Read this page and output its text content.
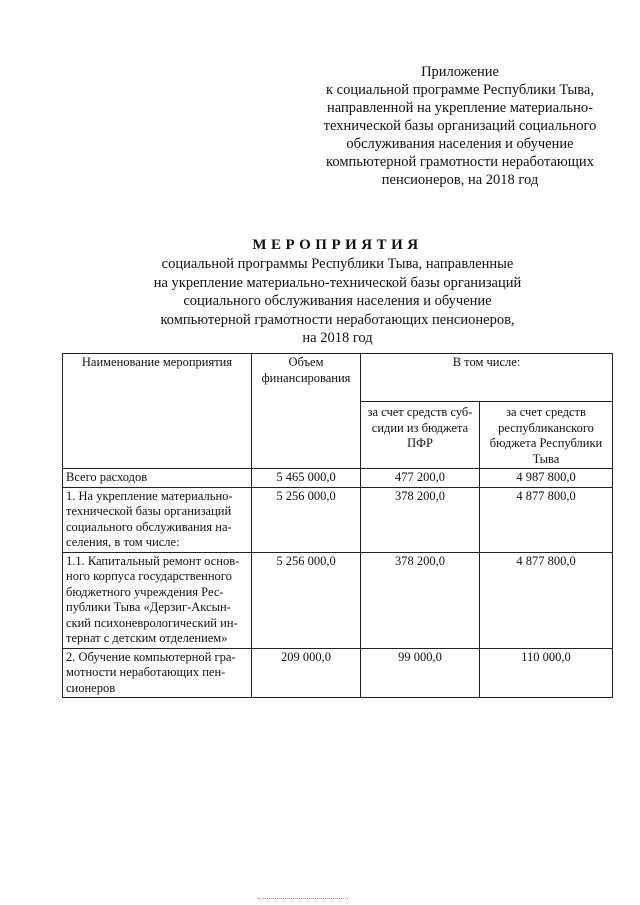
Приложение
к социальной программе Республики Тыва,
направленной на укрепление материально-
технической базы организаций социального
обслуживания населения и обучение
компьютерной грамотности неработающих
пенсионеров, на 2018 год
МЕРОПРИЯТИЯ
социальной программы Республики Тыва, направленные
на укрепление материально-технической базы организаций
социального обслуживания населения и обучение
компьютерной грамотности неработающих пенсионеров,
на 2018 год
Наименование мероприятия	Объем финансирования	В том числе:	
		за счет средств суб-сидии из бюджета ПФР	за счет средств республиканского бюджета Республики Тыва
Всего расходов	5 465 000,0	477 200,0	4 987 800,0
1. На укрепление материально-технической базы организаций социального обслуживания на-селения, в том числе:	5 256 000,0	378 200,0	4 877 800,0
1.1. Капитальный ремонт основ-ного корпуса государственного бюджетного учреждения Рес-публики Тыва «Дерзиг-Аксын-ский психоневрологический ин-тернат с детским отделением»	5 256 000,0	378 200,0	4 877 800,0
2. Обучение компьютерной гра-мотности неработающих пен-сионеров	209 000,0	99 000,0	110 000,0
